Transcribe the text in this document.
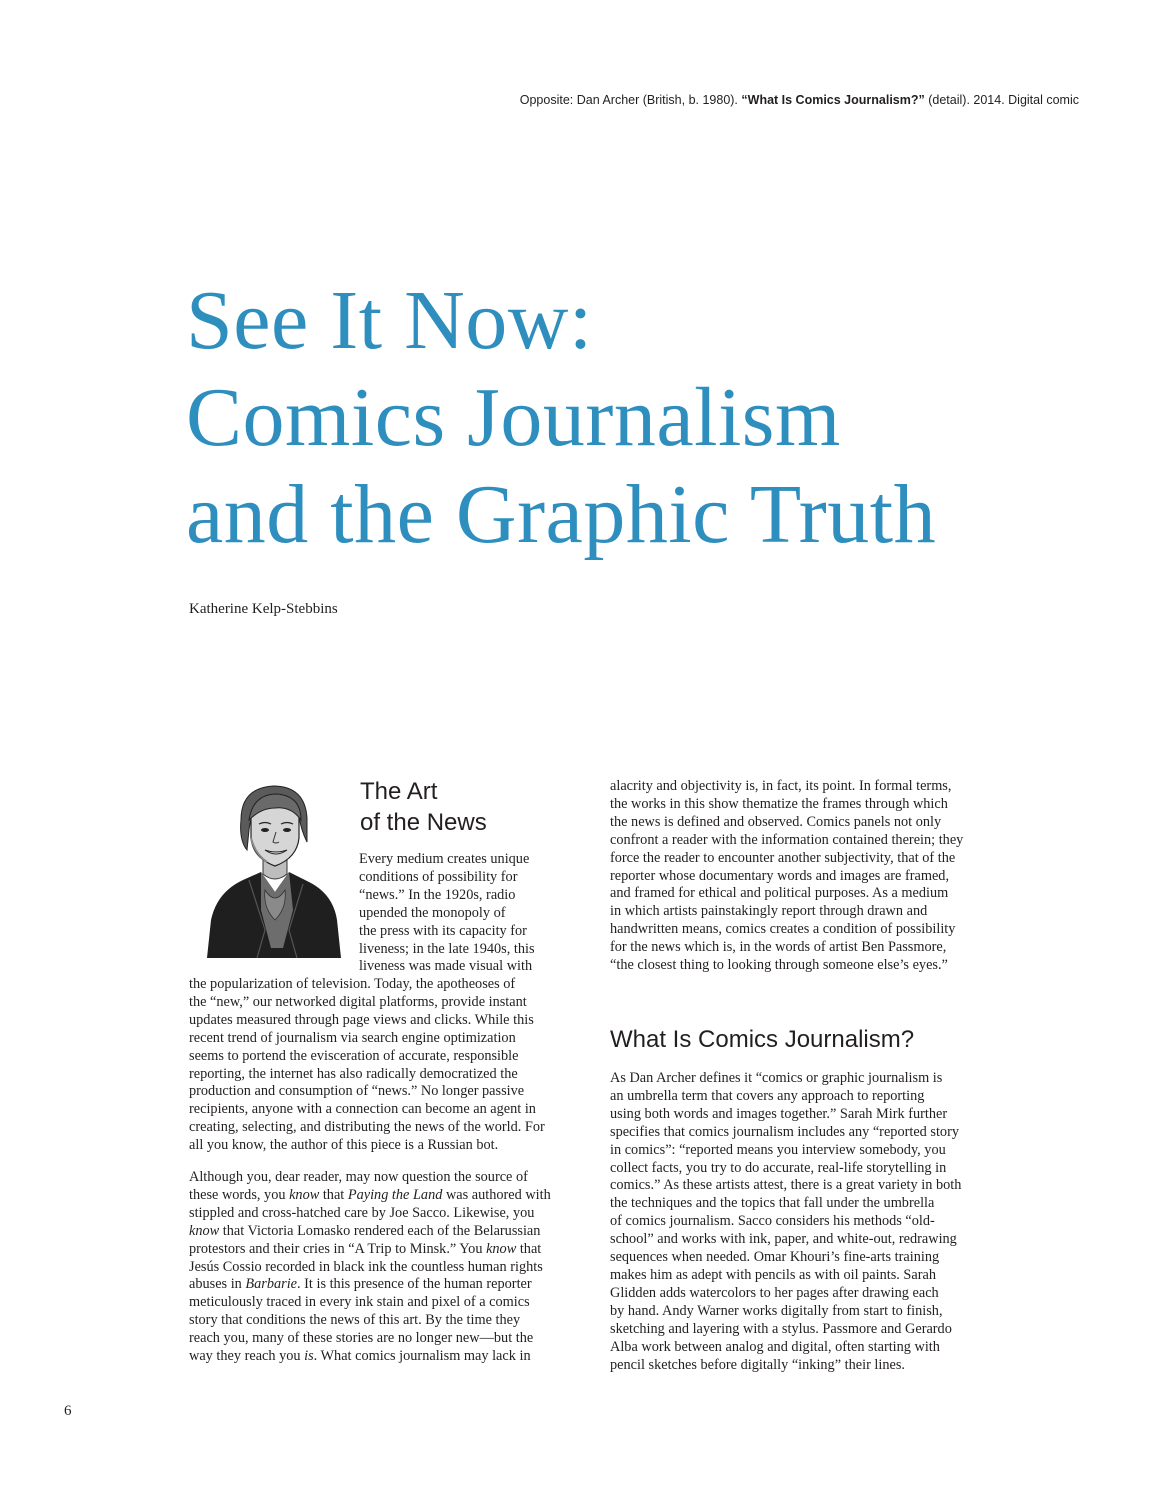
Opposite: Dan Archer (British, b. 1980). “What Is Comics Journalism?” (detail). 2014. Digital comic
See It Now:
Comics Journalism
and the Graphic Truth
Katherine Kelp-Stebbins
The Art
of the News

Every medium creates unique

conditions of possibility for

“news.” In the 1920s, radio

upended the monopoly of

the press with its capacity for

liveness; in the late 1940s, this

liveness was made visual with

the popularization of television. Today, the apotheoses of

the “new,” our networked digital platforms, provide instant

updates measured through page views and clicks. While this

recent trend of journalism via search engine optimization

seems to portend the evisceration of accurate, responsible

reporting, the internet has also radically democratized the

production and consumption of “news.” No longer passive

recipients, anyone with a connection can become an agent in

creating, selecting, and distributing the news of the world. For

all you know, the author of this piece is a Russian bot.

Although you, dear reader, may now question the source of

these words, you know that Paying the Land was authored with

stippled and cross-hatched care by Joe Sacco. Likewise, you

know that Victoria Lomasko rendered each of the Belarussian

protestors and their cries in “A Trip to Minsk.” You know that

Jesús Cossio recorded in black ink the countless human rights

abuses in Barbarie. It is this presence of the human reporter

meticulously traced in every ink stain and pixel of a comics

story that conditions the news of this art. By the time they

reach you, many of these stories are no longer new—but the

way they reach you is. What comics journalism may lack in

alacrity and objectivity is, in fact, its point. In formal terms,

the works in this show thematize the frames through which

the news is defined and observed. Comics panels not only

confront a reader with the information contained therein; they

force the reader to encounter another subjectivity, that of the

reporter whose documentary words and images are framed,

and framed for ethical and political purposes. As a medium

in which artists painstakingly report through drawn and

handwritten means, comics creates a condition of possibility

for the news which is, in the words of artist Ben Passmore,

“the closest thing to looking through someone else’s eyes.”

What Is Comics Journalism?

As Dan Archer defines it “comics or graphic journalism is

an umbrella term that covers any approach to reporting

using both words and images together.” Sarah Mirk further

specifies that comics journalism includes any “reported story

in comics”: “reported means you interview somebody, you

collect facts, you try to do accurate, real-life storytelling in

comics.” As these artists attest, there is a great variety in both

the techniques and the topics that fall under the umbrella

of comics journalism. Sacco considers his methods “old-

school” and works with ink, paper, and white-out, redrawing

sequences when needed. Omar Khouri’s fine-arts training

makes him as adept with pencils as with oil paints. Sarah

Glidden adds watercolors to her pages after drawing each

by hand. Andy Warner works digitally from start to finish,

sketching and layering with a stylus. Passmore and Gerardo

Alba work between analog and digital, often starting with

pencil sketches before digitally “inking” their lines.

6
